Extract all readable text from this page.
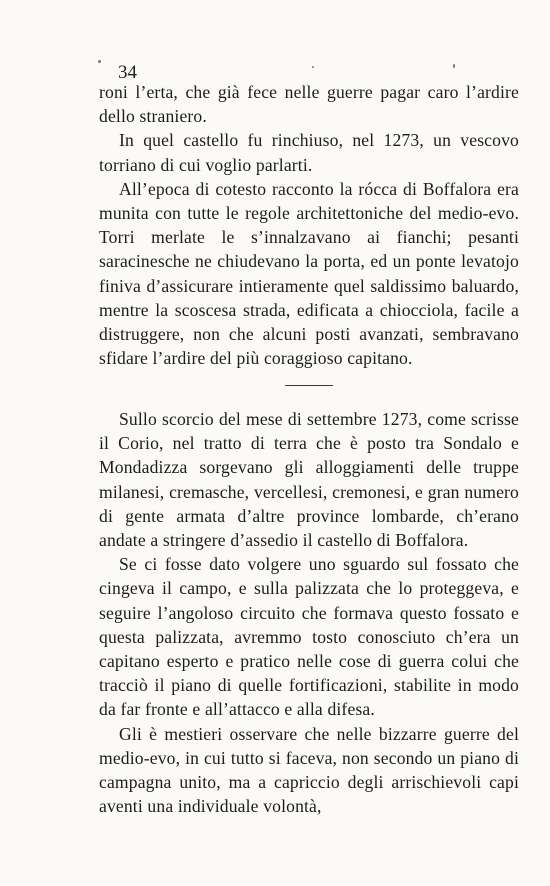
34

roni l’erta, che già fece nelle guerre pagar caro l’ardire dello straniero.

In quel castello fu rinchiuso, nel 1273, un vescovo torriano di cui voglio parlarti.

All’epoca di cotesto racconto la rócca di Boffalora era munita con tutte le regole architettoniche del medio-evo. Torri merlate le s’innalzavano ai fianchi; pesanti saracinesche ne chiudevano la porta, ed un ponte levatojo finiva d’assicurare intieramente quel saldissimo baluardo, mentre la scoscesa strada, edificata a chiocciola, facile a distruggere, non che alcuni posti avanzati, sembravano sfidare l’ardire del più coraggioso capitano.

Sullo scorcio del mese di settembre 1273, come scrisse il Corio, nel tratto di terra che è posto tra Sondalo e Mondadizza sorgevano gli alloggiamenti delle truppe milanesi, cremasche, vercellesi, cremonesi, e gran numero di gente armata d’altre province lombarde, ch’erano andate a stringere d’assedio il castello di Boffalora.

Se ci fosse dato volgere uno sguardo sul fossato che cingeva il campo, e sulla palizzata che lo proteggeva, e seguire l’angoloso circuito che formava questo fossato e questa palizzata, avremmo tosto conosciuto ch’era un capitano esperto e pratico nelle cose di guerra colui che tracciò il piano di quelle fortificazioni, stabilite in modo da far fronte e all’attacco e alla difesa.

Gli è mestieri osservare che nelle bizzarre guerre del medio-evo, in cui tutto si faceva, non secondo un piano di campagna unito, ma a capriccio degli arrischievoli capi aventi una individuale volontà,
